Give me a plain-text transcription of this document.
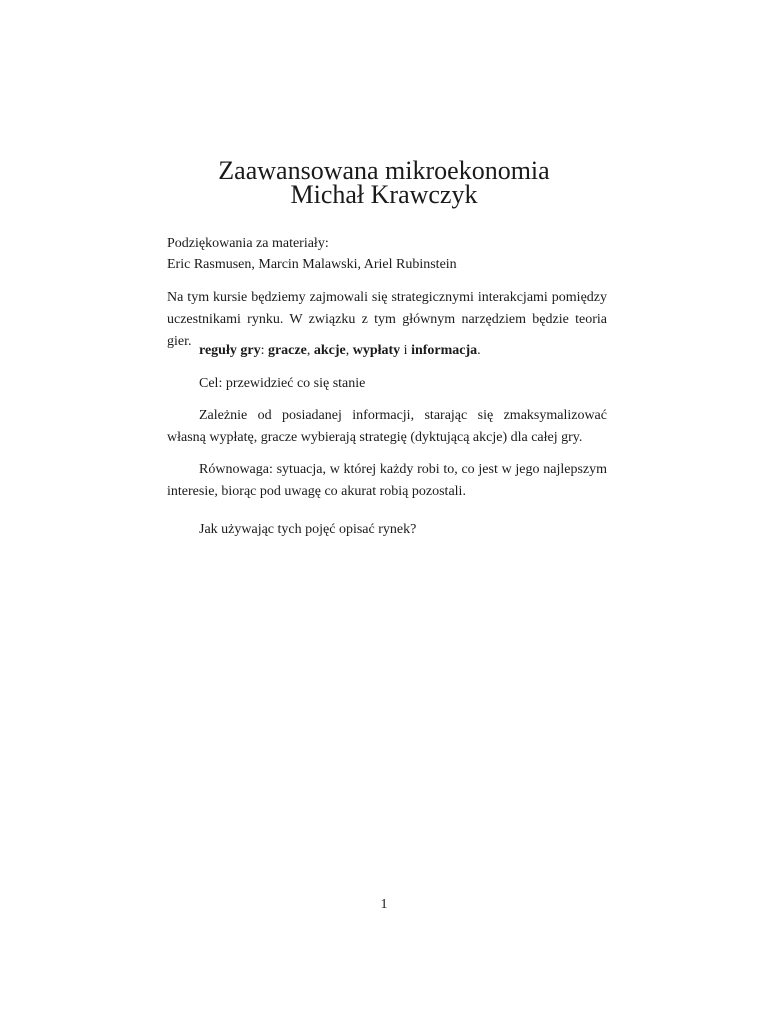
Zaawansowana mikroekonomia
Michał Krawczyk
Podziękowania za materiały:
Eric Rasmusen, Marcin Malawski, Ariel Rubinstein
Na tym kursie będziemy zajmowali się strategicznymi interakcjami pomiędzy uczestnikami rynku. W związku z tym głównym narzędziem będzie teoria gier.
reguły gry: gracze, akcje, wypłaty i informacja.
Cel: przewidzieć co się stanie
Zależnie od posiadanej informacji, starając się zmaksymalizować własną wypłatę, gracze wybierają strategię (dyktującą akcje) dla całej gry.
Równowaga: sytuacja, w której każdy robi to, co jest w jego najlepszym interesie, biorąc pod uwagę co akurat robią pozostali.
Jak używając tych pojęć opisać rynek?
1
